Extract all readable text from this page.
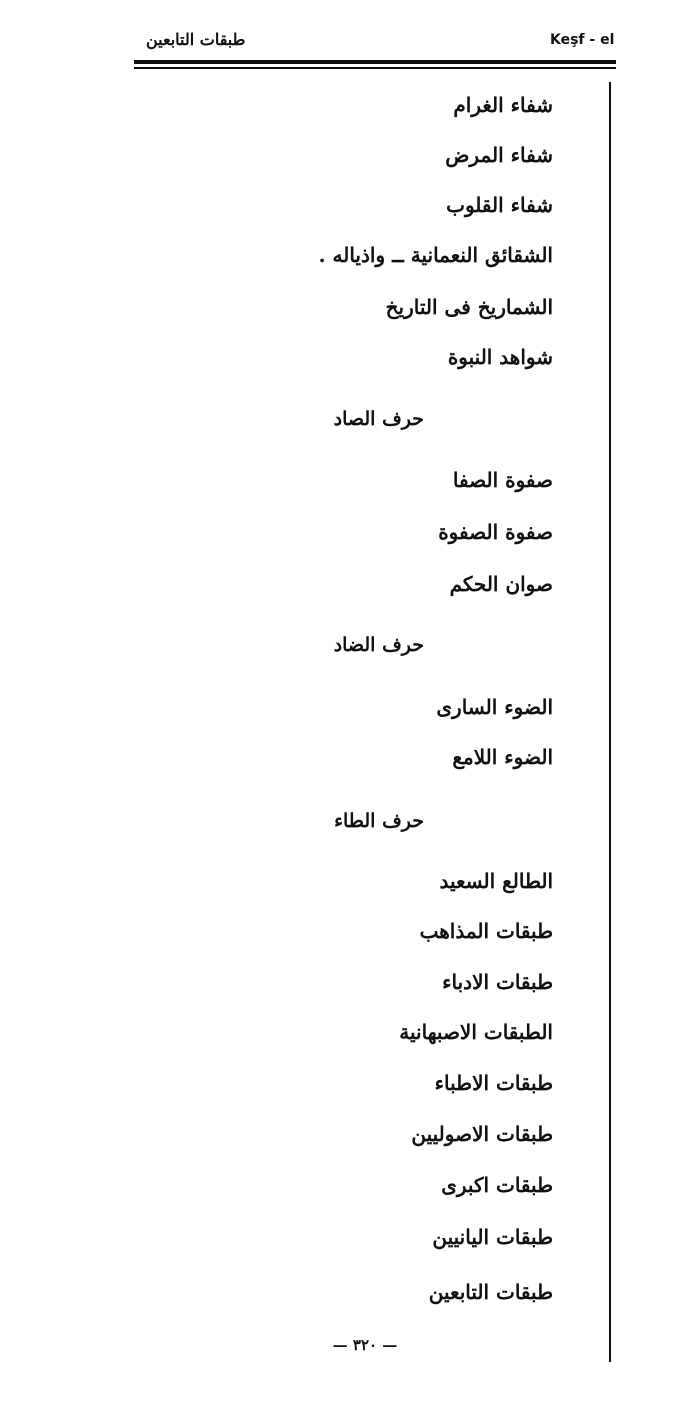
طبقات التابعين	Keşf - el
شفاء الغرام
شفاء المرض
شفاء القلوب
الشقائق النعمانية ــ واذياله .
الشماريخ فى التاريخ
شواهد النبوة
حرف الصاد
صفوة الصفا
صفوة الصفوة
صوان الحكم
حرف الضاد
الضوء السارى
الضوء اللامع
حرف الطاء
الطالع السعيد
طبقات المذاهب
طبقات الادباء
الطبقات الاصبهانية
طبقات الاطباء
طبقات الاصوليين
طبقات اكبرى
طبقات اليانيين
طبقات التابعين
— ٣٢٠ —
